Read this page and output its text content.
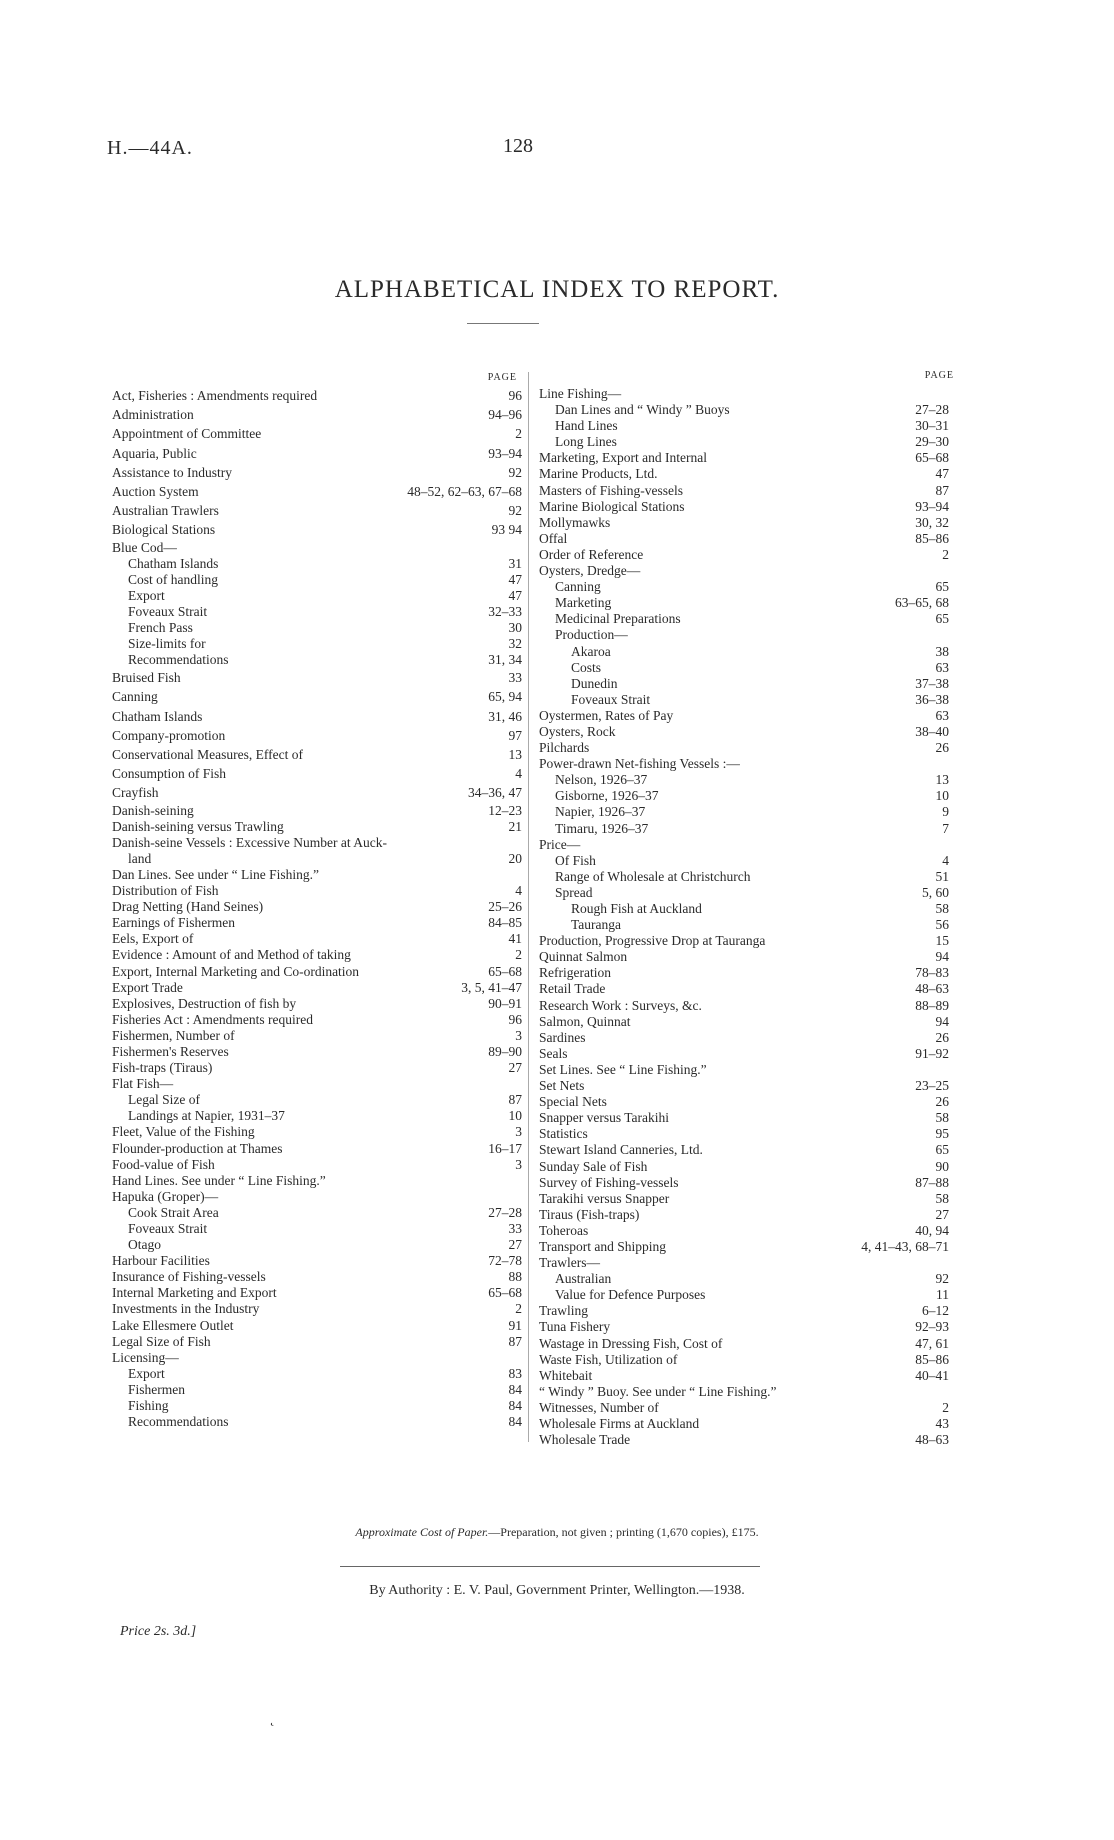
H.—44A.	128
ALPHABETICAL INDEX TO REPORT.
PAGE
Act, Fisheries : Amendments required	96
Administration	94–96
Appointment of Committee	2
Aquaria, Public	93–94
Assistance to Industry	92
Auction System	48–52, 62–63, 67–68
Australian Trawlers	92
Biological Stations	93 94
Blue Cod—
Chatham Islands	31
Cost of handling	47
Export	47
Foveaux Strait	32–33
French Pass	30
Size-limits for	32
Recommendations	31, 34
Bruised Fish	33
Canning	65, 94
Chatham Islands	31, 46
Company-promotion	97
Conservational Measures, Effect of	13
Consumption of Fish	4
Crayfish	34–36, 47
Danish-seining	12–23
Danish-seining versus Trawling	21
Danish-seine Vessels : Excessive Number at Auck-
land	20
Dan Lines. See under “ Line Fishing.”
Distribution of Fish	4
Drag Netting (Hand Seines)	25–26
Earnings of Fishermen	84–85
Eels, Export of	41
Evidence : Amount of and Method of taking	2
Export, Internal Marketing and Co-ordination	65–68
Export Trade	3, 5, 41–47
Explosives, Destruction of fish by	90–91
Fisheries Act : Amendments required	96
Fishermen, Number of	3
Fishermen's Reserves	89–90
Fish-traps (Tiraus)	27
Flat Fish—
Legal Size of	87
Landings at Napier, 1931–37	10
Fleet, Value of the Fishing	3
Flounder-production at Thames	16–17
Food-value of Fish	3
Hand Lines. See under “ Line Fishing.”
Hapuka (Groper)—
Cook Strait Area	27–28
Foveaux Strait	33
Otago	27
Harbour Facilities	72–78
Insurance of Fishing-vessels	88
Internal Marketing and Export	65–68
Investments in the Industry	2
Lake Ellesmere Outlet	91
Legal Size of Fish	87
Licensing—
Export	83
Fishermen	84
Fishing	84
Recommendations	84
PAGE
Line Fishing—
Dan Lines and “ Windy ” Buoys	27–28
Hand Lines	30–31
Long Lines	29–30
Marketing, Export and Internal	65–68
Marine Products, Ltd.	47
Masters of Fishing-vessels	87
Marine Biological Stations	93–94
Mollymawks	30, 32
Offal	85–86
Order of Reference	2
Oysters, Dredge—
Canning	65
Marketing	63–65, 68
Medicinal Preparations	65
Production—
Akaroa	38
Costs	63
Dunedin	37–38
Foveaux Strait	36–38
Oystermen, Rates of Pay	63
Oysters, Rock	38–40
Pilchards	26
Power-drawn Net-fishing Vessels :—
Nelson, 1926–37	13
Gisborne, 1926–37	10
Napier, 1926–37	9
Timaru, 1926–37	7
Price—
Of Fish	4
Range of Wholesale at Christchurch	51
Spread	5, 60
Rough Fish at Auckland	58
Tauranga	56
Production, Progressive Drop at Tauranga	15
Quinnat Salmon	94
Refrigeration	78–83
Retail Trade	48–63
Research Work : Surveys, &c.	88–89
Salmon, Quinnat	94
Sardines	26
Seals	91–92
Set Lines. See “ Line Fishing.”
Set Nets	23–25
Special Nets	26
Snapper versus Tarakihi	58
Statistics	95
Stewart Island Canneries, Ltd.	65
Sunday Sale of Fish	90
Survey of Fishing-vessels	87–88
Tarakihi versus Snapper	58
Tiraus (Fish-traps)	27
Toheroas	40, 94
Transport and Shipping	4, 41–43, 68–71
Trawlers—
Australian	92
Value for Defence Purposes	11
Trawling	6–12
Tuna Fishery	92–93
Wastage in Dressing Fish, Cost of	47, 61
Waste Fish, Utilization of	85–86
Whitebait	40–41
“ Windy ” Buoy. See under “ Line Fishing.”
Witnesses, Number of	2
Wholesale Firms at Auckland	43
Wholesale Trade	48–63
Approximate Cost of Paper.—Preparation, not given ; printing (1,670 copies), £175.
By Authority : E. V. Paul, Government Printer, Wellington.—1938.
Price 2s. 3d.]
˛
